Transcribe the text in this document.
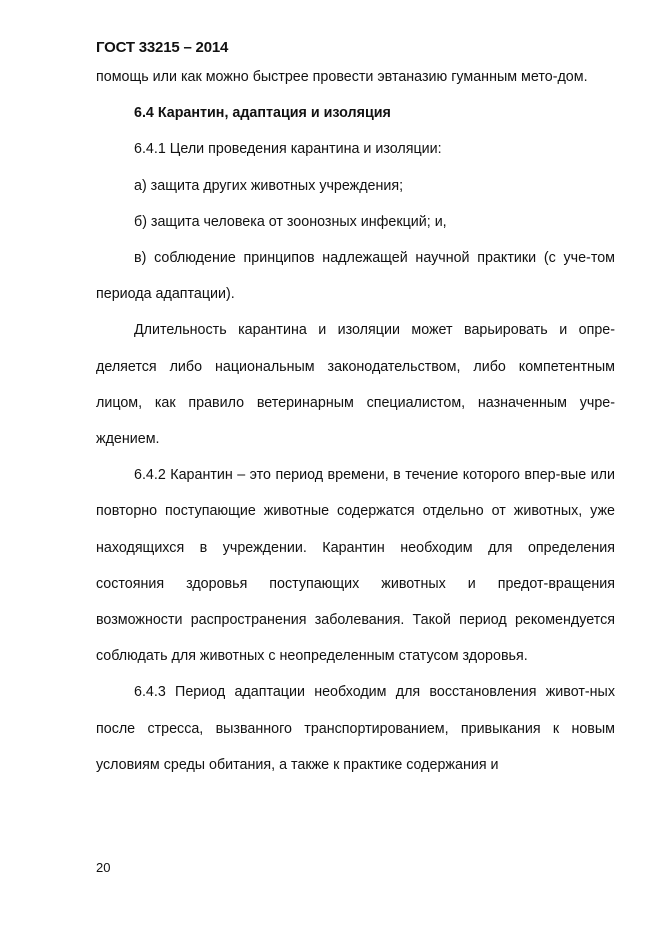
ГОСТ 33215 – 2014

помощь или как можно быстрее провести эвтаназию гуманным мето-дом.

6.4 Карантин, адаптация и изоляция

6.4.1 Цели проведения карантина и изоляции:

а) защита других животных учреждения;

б) защита человека от зоонозных инфекций; и,

в) соблюдение принципов надлежащей научной практики (с уче-том периода адаптации).

Длительность карантина и изоляции может варьировать и опре-деляется либо национальным законодательством, либо компетентным лицом, как правило ветеринарным специалистом, назначенным учре-ждением.

6.4.2 Карантин – это период времени, в течение которого впер-вые или повторно поступающие животные содержатся отдельно от животных, уже находящихся в учреждении. Карантин необходим для определения состояния здоровья поступающих животных и предот-вращения возможности распространения заболевания. Такой период рекомендуется соблюдать для животных с неопределенным статусом здоровья.

6.4.3 Период адаптации необходим для восстановления живот-ных после стресса, вызванного транспортированием, привыкания к новым условиям среды обитания, а также к практике содержания и

20
